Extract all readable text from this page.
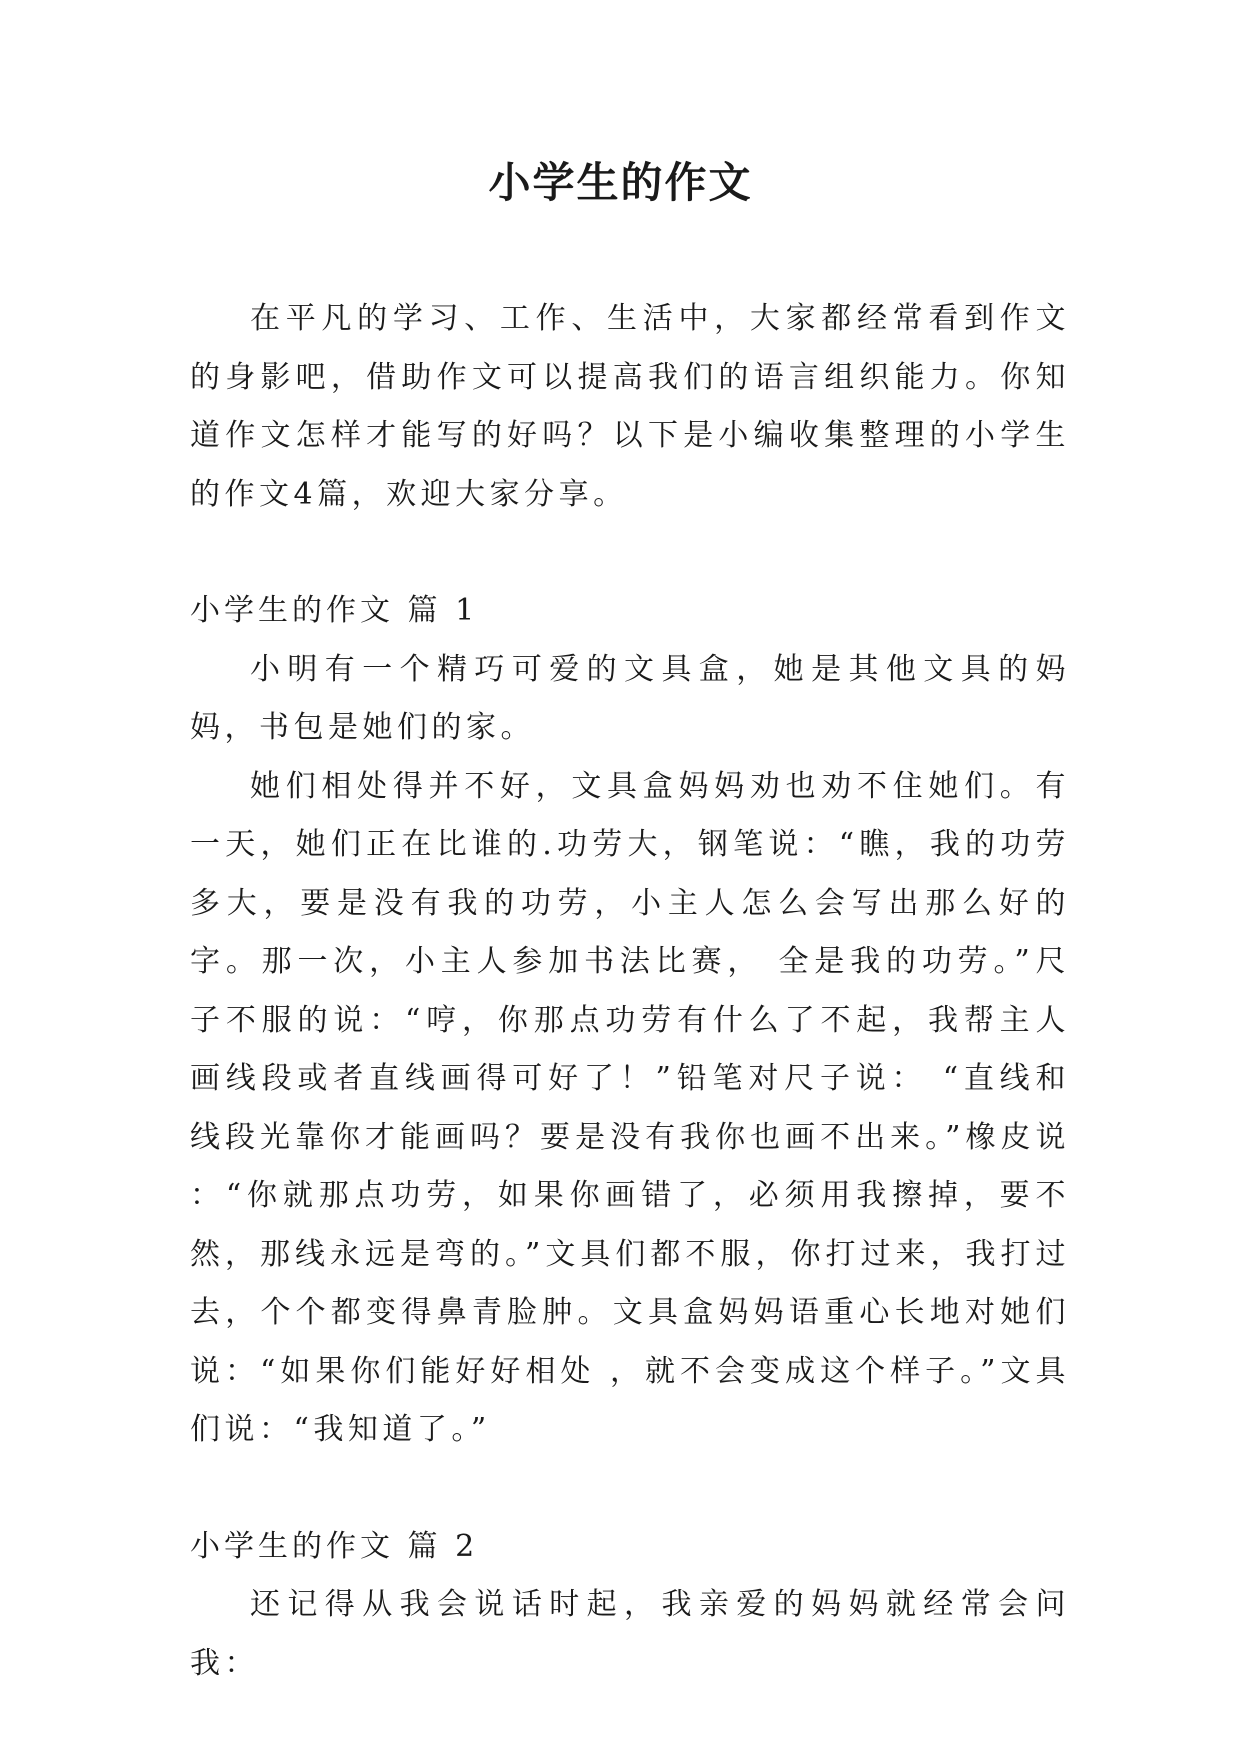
小学生的作文

在平凡的学习、工作、生活中，大家都经常看到作文的身影吧，借助作文可以提高我们的语言组织能力。你知道作文怎样才能写的好吗？以下是小编收集整理的小学生的作文4篇，欢迎大家分享。

小学生的作文 篇 1

小明有一个精巧可爱的文具盒，她是其他文具的妈妈，书包是她们的家。

她们相处得并不好，文具盒妈妈劝也劝不住她们。有一天，她们正在比谁的.功劳大，钢笔说：“瞧，我的功劳多大，要是没有我的功劳，小主人怎么会写出那么好的字。那一次，小主人参加书法比赛， 全是我的功劳。”尺子不服的说：“哼，你那点功劳有什么了不起，我帮主人画线段或者直线画得可好了！”铅笔对尺子说： “直线和线段光靠你才能画吗？要是没有我你也画不出来。”橡皮说 ：“你就那点功劳，如果你画错了，必须用我擦掉，要不然，那线永远是弯的。”文具们都不服，你打过来，我打过去，个个都变得鼻青脸肿。文具盒妈妈语重心长地对她们说：“如果你们能好好相处 ，就不会变成这个样子。”文具们说：“我知道了。”

小学生的作文 篇 2

还记得从我会说话时起，我亲爱的妈妈就经常会问我：
